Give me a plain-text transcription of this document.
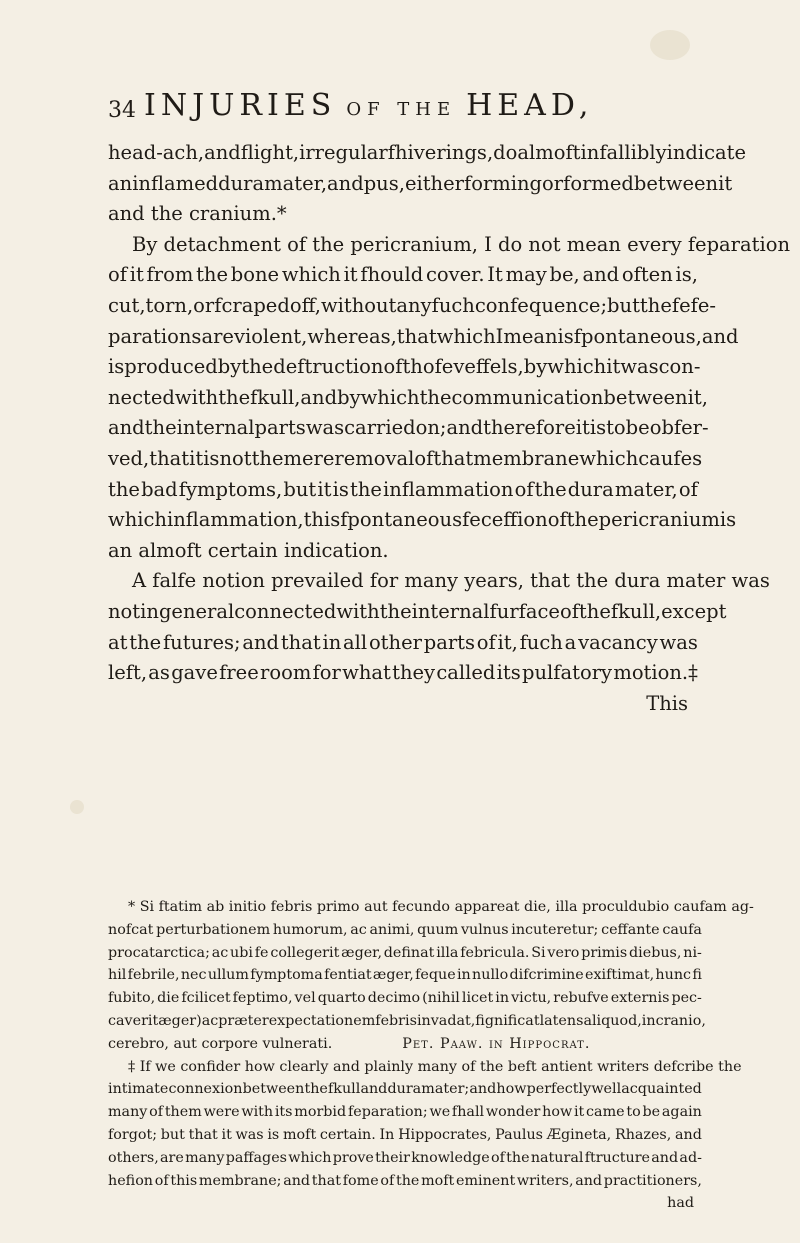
34 INJURIES OF THE HEAD,
head-ach, and flight, irregular fhiverings, do almoft infallibly indicate
an inflamed dura mater, and pus, either forming or formed between it
and the cranium.*
By detachment of the pericranium, I do not mean every feparation
of it from the bone which it fhould cover. It may be, and often is,
cut, torn, or fcraped off, without any fuch confequence; but thefe fe-
parations are violent, whereas, that which I mean is fpontaneous, and
is produced by the deftruction of thofe veffels, by which it was con-
nected with the fkull, and by which the communication between it,
and the internal parts was carried on; and therefore it is to be obfer-
ved, that it is not the mere removal of that membrane which caufes
the bad fymptoms, but it is the inflammation of the dura mater, of
which inflammation, this fpontaneous feceffion of the pericranium is
an almoft certain indication.
A falfe notion prevailed for many years, that the dura mater was
not in general connected with the internal furface of the fkull, except
at the futures; and that in all other parts of it, fuch a vacancy was
left, as gave free room for what they called its pulfatory motion.‡
This
* Si ftatim ab initio febris primo aut fecundo appareat die, illa proculdubio caufam ag-
nofcat perturbationem humorum, ac animi, quum vulnus incuteretur; ceffante caufa
procatarctica; ac ubi fe collegerit æger, definat illa febricula. Si vero primis diebus, ni-
hil febrile, nec ullum fymptoma fentiat æger, feque in nullo difcrimine exiftimat, hunc fi
fubito, die fcilicet feptimo, vel quarto decimo (nihil licet in victu, rebufve externis pec-
caverit æger) ac præter expectationem febris invadat, fignificat latens aliquod, in cranio,
cerebro, aut corpore vulnerati.	Pet. Paaw. in Hippocrat.
‡ If we confider how clearly and plainly many of the beft antient writers defcribe the
intimate connexion between the fkull and dura mater; and how perfectly well acquainted
many of them were with its morbid feparation; we fhall wonder how it came to be again
forgot; but that it was is moft certain. In Hippocrates, Paulus Ægineta, Rhazes, and
others, are many paffages which prove their knowledge of the natural ftructure and ad-
hefion of this membrane; and that fome of the moft eminent writers, and practitioners,
had
